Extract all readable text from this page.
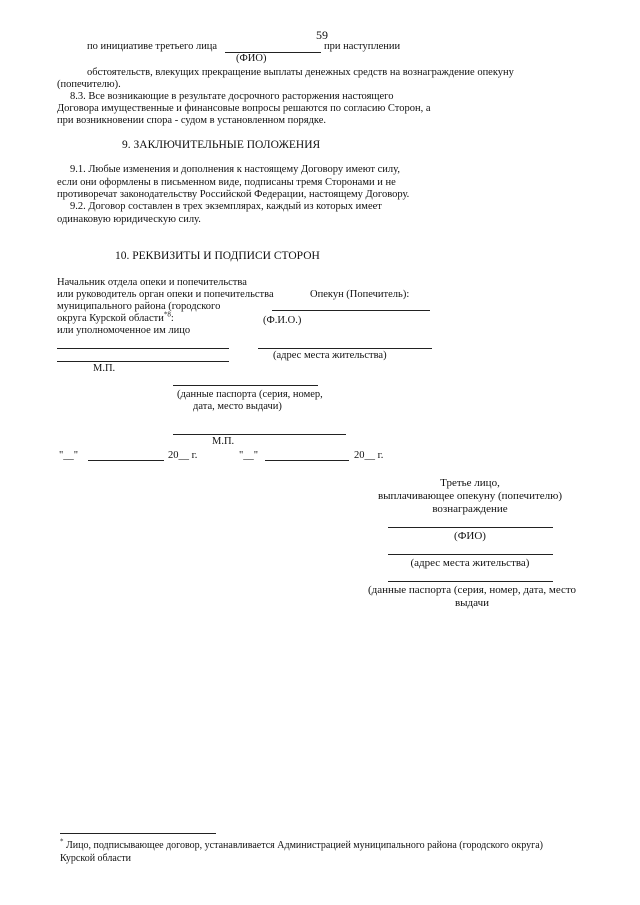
59
по инициативе третьего лица	при наступлении
(ФИО)
обстоятельств, влекущих прекращение выплаты денежных средств на вознаграждение опекуну
(попечителю).
8.3. Все возникающие в результате досрочного расторжения настоящего
Договора имущественные и финансовые вопросы решаются по согласию Сторон, а
при возникновении спора - судом в установленном порядке.
9. ЗАКЛЮЧИТЕЛЬНЫЕ ПОЛОЖЕНИЯ
9.1. Любые изменения и дополнения к настоящему Договору имеют силу,
если они оформлены в письменном виде, подписаны тремя Сторонами и не
противоречат законодательству Российской Федерации, настоящему Договору.
9.2. Договор составлен в трех экземплярах, каждый из которых имеет
одинаковую юридическую силу.
10. РЕКВИЗИТЫ И ПОДПИСИ СТОРОН
Начальник отдела опеки и попечительства
или руководитель орган опеки и попечительства
муниципального района (городского
округа Курской области$^{*8}$:
или уполномоченное им лицо
М.П.
Опекун (Попечитель):
(Ф.И.О.)
(адрес места жительства)
(данные паспорта (серия, номер,
дата, место выдачи)
М.П.
"__"	20__ г.	"__"	20__ г.
Третье лицо,
выплачивающее опекуну (попечителю)
вознаграждение
(ФИО)
(адрес места жительства)
(данные паспорта (серия, номер, дата, место
выдачи
* Лицо, подписывающее договор, устанавливается Администрацией муниципального района (городского округа)
Курской области
